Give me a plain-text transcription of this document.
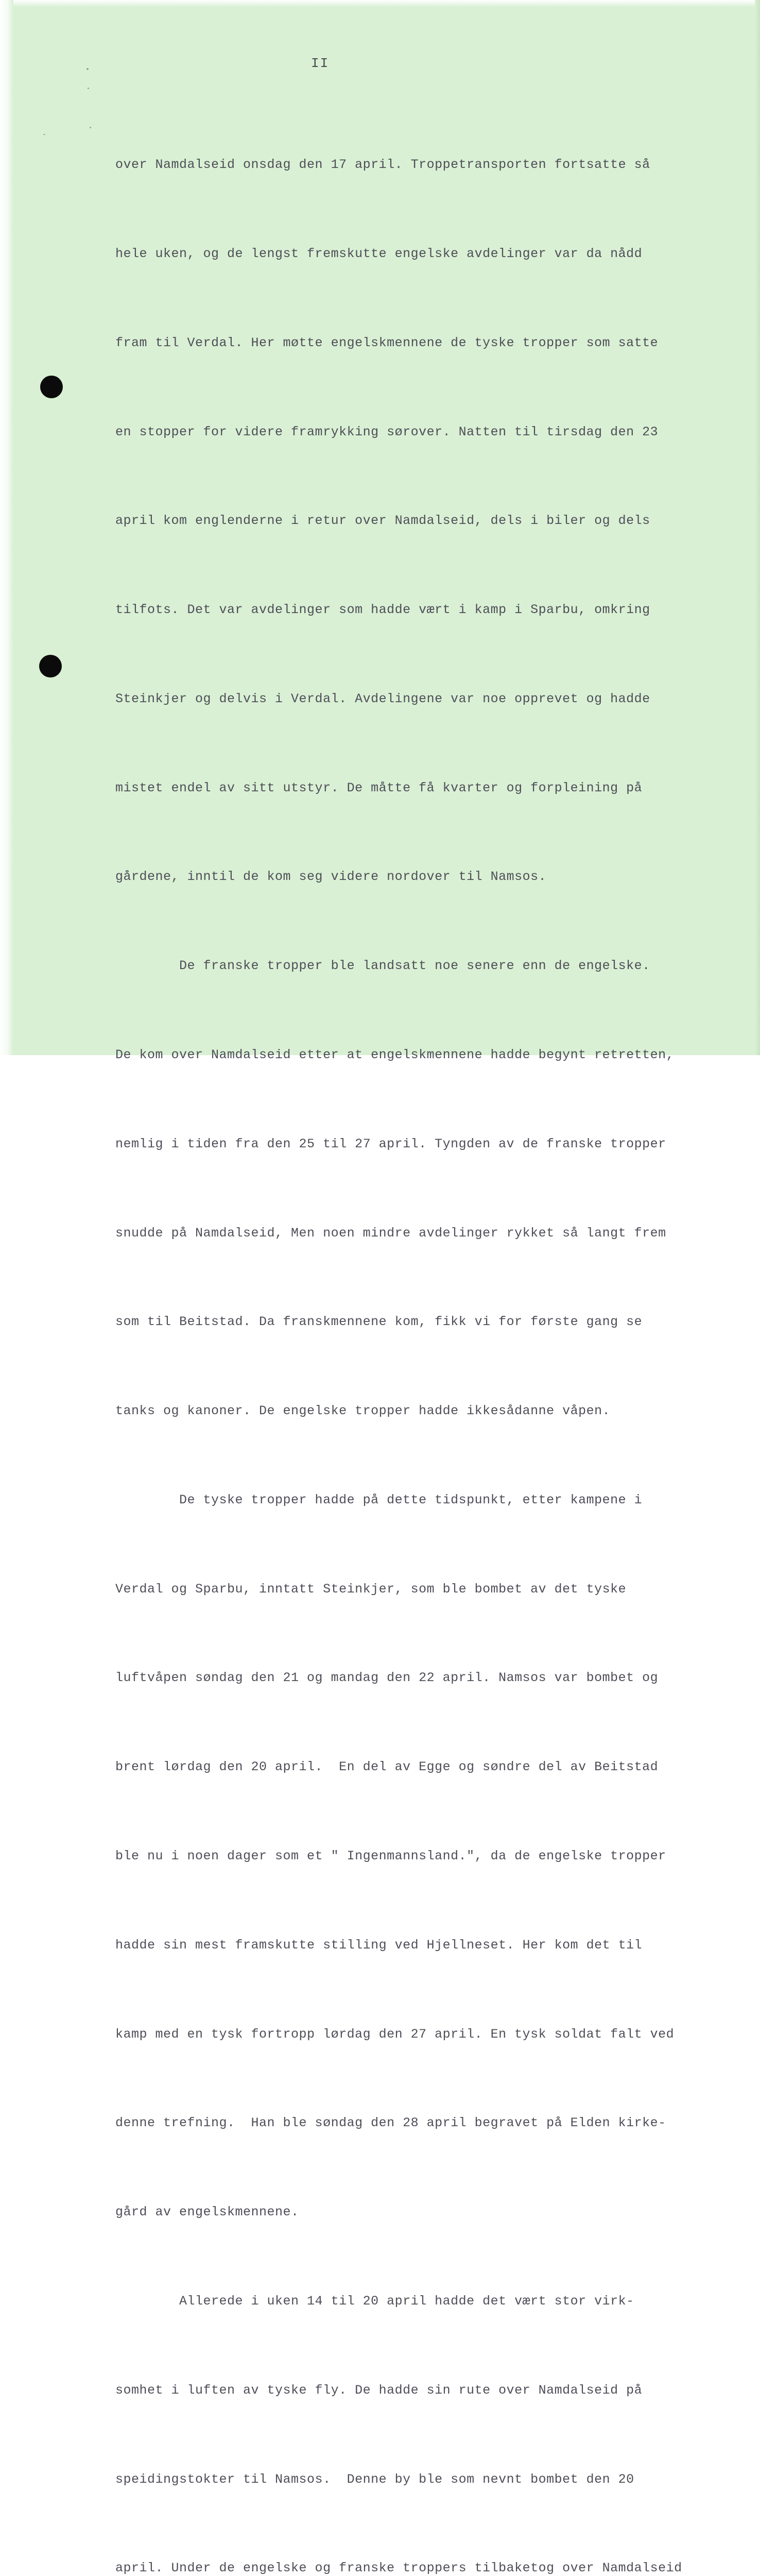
II

over Namdalseid onsdag den 17 april. Troppetransporten fortsatte så

hele uken, og de lengst fremskutte engelske avdelinger var da nådd

fram til Verdal. Her møtte engelskmennene de tyske tropper som satte

en stopper for videre framrykking sørover. Natten til tirsdag den 23

april kom englenderne i retur over Namdalseid, dels i biler og dels

tilfots. Det var avdelinger som hadde vært i kamp i Sparbu, omkring

Steinkjer og delvis i Verdal. Avdelingene var noe opprevet og hadde

mistet endel av sitt utstyr. De måtte få kvarter og forpleining på

gårdene, inntil de kom seg videre nordover til Namsos.

De franske tropper ble landsatt noe senere enn de engelske.

De kom over Namdalseid etter at engelskmennene hadde begynt retretten,

nemlig i tiden fra den 25 til 27 april. Tyngden av de franske tropper

snudde på Namdalseid, Men noen mindre avdelinger rykket så langt frem

som til Beitstad. Da franskmennene kom, fikk vi for første gang se

tanks og kanoner. De engelske tropper hadde ikkesådanne våpen.

De tyske tropper hadde på dette tidspunkt, etter kampene i

Verdal og Sparbu, inntatt Steinkjer, som ble bombet av det tyske

luftvåpen søndag den 21 og mandag den 22 april. Namsos var bombet og

brent lørdag den 20 april.  En del av Egge og søndre del av Beitstad

ble nu i noen dager som et " Ingenmannsland.", da de engelske tropper

hadde sin mest framskutte stilling ved Hjellneset. Her kom det til

kamp med en tysk fortropp lørdag den 27 april. En tysk soldat falt ved

denne trefning.  Han ble søndag den 28 april begravet på Elden kirke-

gård av engelskmennene.

Allerede i uken 14 til 20 april hadde det vært stor virk-

somhet i luften av tyske fly. De hadde sin rute over Namdalseid på

speidingstokter til Namsos.  Denne by ble som nevnt bombet den 20

april. Under de engelske og franske troppers tilbaketog over Namdalseid
